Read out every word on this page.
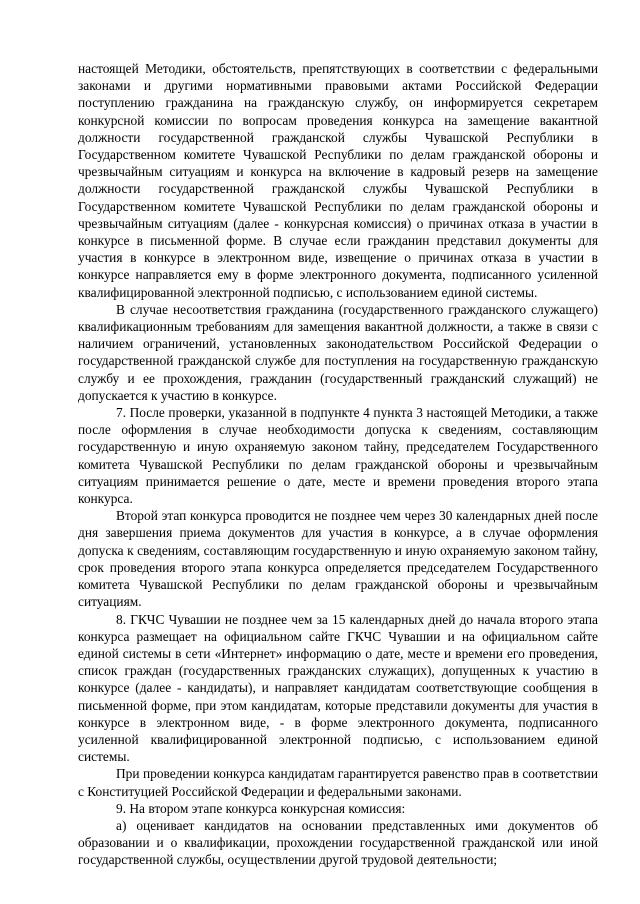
настоящей Методики, обстоятельств, препятствующих в соответствии с федеральными законами и другими нормативными правовыми актами Российской Федерации поступлению гражданина на гражданскую службу, он информируется секретарем конкурсной комиссии по вопросам проведения конкурса на замещение вакантной должности государственной гражданской службы Чувашской Республики в Государственном комитете Чувашской Республики по делам гражданской обороны и чрезвычайным ситуациям и конкурса на включение в кадровый резерв на замещение должности государственной гражданской службы Чувашской Республики в Государственном комитете Чувашской Республики по делам гражданской обороны и чрезвычайным ситуациям (далее - конкурсная комиссия) о причинах отказа в участии в конкурсе в письменной форме. В случае если гражданин представил документы для участия в конкурсе в электронном виде, извещение о причинах отказа в участии в конкурсе направляется ему в форме электронного документа, подписанного усиленной квалифицированной электронной подписью, с использованием единой системы.

В случае несоответствия гражданина (государственного гражданского служащего) квалификационным требованиям для замещения вакантной должности, а также в связи с наличием ограничений, установленных законодательством Российской Федерации о государственной гражданской службе для поступления на государственную гражданскую службу и ее прохождения, гражданин (государственный гражданский служащий) не допускается к участию в конкурсе.

7. После проверки, указанной в подпункте 4 пункта 3 настоящей Методики, а также после оформления в случае необходимости допуска к сведениям, составляющим государственную и иную охраняемую законом тайну, председателем Государственного комитета Чувашской Республики по делам гражданской обороны и чрезвычайным ситуациям принимается решение о дате, месте и времени проведения второго этапа конкурса.

Второй этап конкурса проводится не позднее чем через 30 календарных дней после дня завершения приема документов для участия в конкурсе, а в случае оформления допуска к сведениям, составляющим государственную и иную охраняемую законом тайну, срок проведения второго этапа конкурса определяется председателем Государственного комитета Чувашской Республики по делам гражданской обороны и чрезвычайным ситуациям.

8. ГКЧС Чувашии не позднее чем за 15 календарных дней до начала второго этапа конкурса размещает на официальном сайте ГКЧС Чувашии и на официальном сайте единой системы в сети «Интернет» информацию о дате, месте и времени его проведения, список граждан (государственных гражданских служащих), допущенных к участию в конкурсе (далее - кандидаты), и направляет кандидатам соответствующие сообщения в письменной форме, при этом кандидатам, которые представили документы для участия в конкурсе в электронном виде, - в форме электронного документа, подписанного усиленной квалифицированной электронной подписью, с использованием единой системы.

При проведении конкурса кандидатам гарантируется равенство прав в соответствии с Конституцией Российской Федерации и федеральными законами.

9. На втором этапе конкурса конкурсная комиссия:

а) оценивает кандидатов на основании представленных ими документов об образовании и о квалификации, прохождении государственной гражданской или иной государственной службы, осуществлении другой трудовой деятельности;
